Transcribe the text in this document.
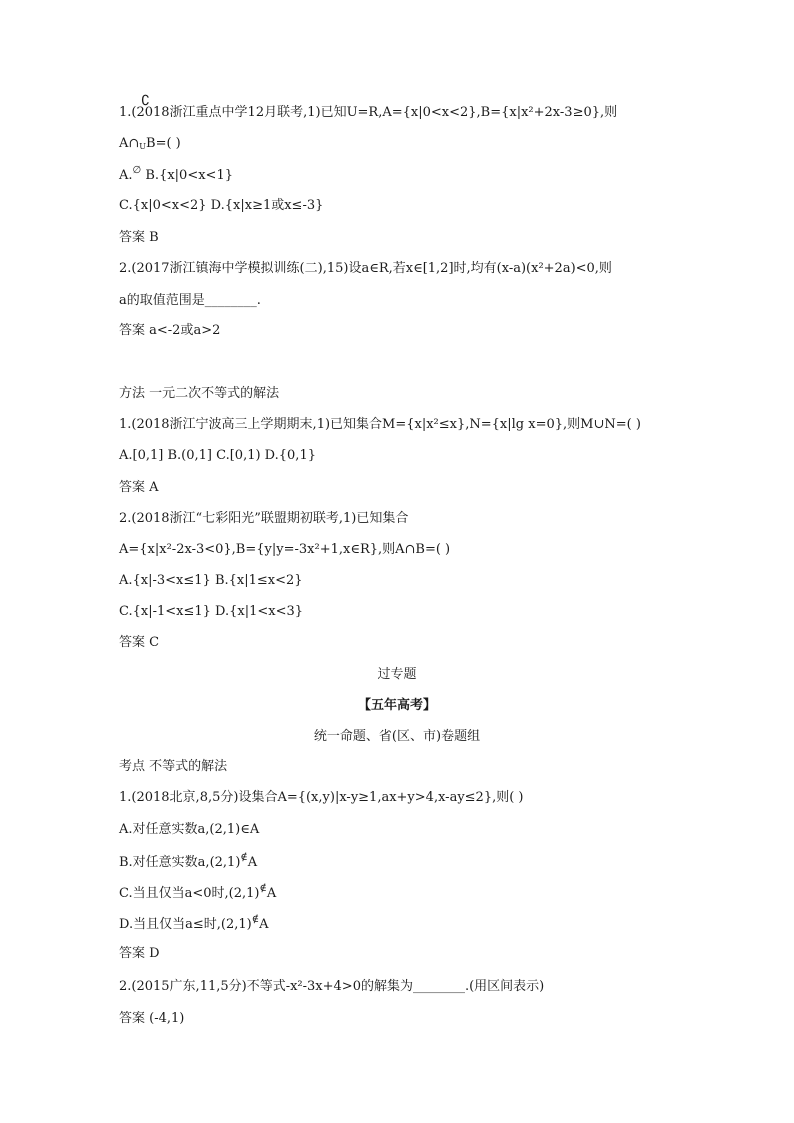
∁
1.(2018浙江重点中学12月联考,1)已知U=R,A={x|0<x<2},B={x|x²+2x-3≥0},则
$A\cap_UB=$( )
A.∅ B.{x|0<x<1}
C.{x|0<x<2} D.{x|x≥1或x≤-3}
答案 B
2.(2017浙江镇海中学模拟训练(二),15)设a∈R,若x∈[1,2]时,均有(x-a)(x²+2a)<0,则
a的取值范围是________.
答案 a<-2或a>2
方法 一元二次不等式的解法
1.(2018浙江宁波高三上学期期末,1)已知集合M={x|x²≤x},N={x|lg x=0},则M∪N=( )
A.[0,1] B.(0,1] C.[0,1) D.{0,1}
答案 A
2.(2018浙江“七彩阳光”联盟期初联考,1)已知集合
A={x|x²-2x-3<0},B={y|y=-3x²+1,x∈R},则A∩B=( )
A.{x|-3<x≤1} B.{x|1≤x<2}
C.{x|-1<x≤1} D.{x|1<x<3}
答案 C
过专题
【五年高考】
统一命题、省(区、市)卷题组
考点 不等式的解法
1.(2018北京,8,5分)设集合A={(x,y)|x-y≥1,ax+y>4,x-ay≤2},则( )
A.对任意实数a,(2,1)∈A
B.对任意实数a,(2,1)∉A
C.当且仅当a<0时,(2,1)∉A
D.当且仅当a≤时,(2,1)∉A
答案 D
2.(2015广东,11,5分)不等式-x²-3x+4>0的解集为________.(用区间表示)
答案 (-4,1)
